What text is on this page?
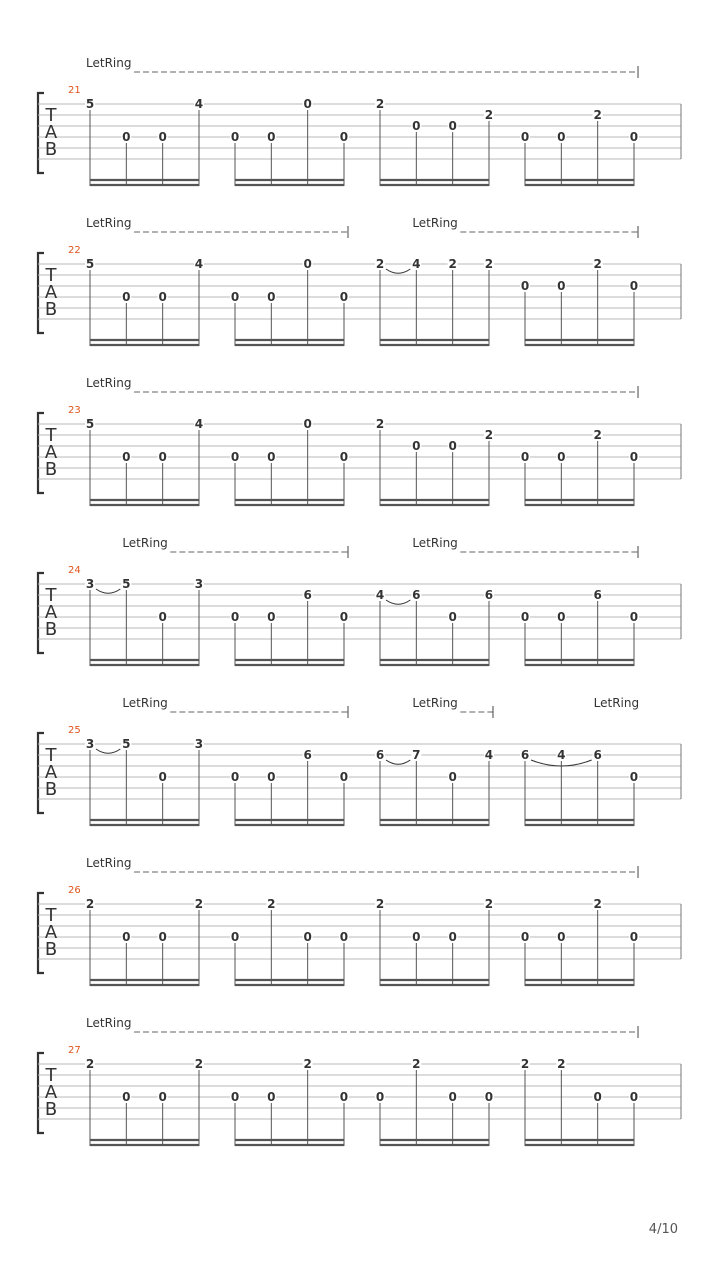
T
A
B
21
LetRing
5
0 0
4
0 0
0
0
2
0 0
2
0 0
2
0
T
A
B
22
LetRing	LetRing
5
0 0
4
0 0
0
0
2 4 2 2
0 0
2
0
T
A
B
23
LetRing
5
0 0
4
0 0
0
0
2
0 0
2
0 0
2
0
T
A
B
24
LetRing	LetRing
3 5
0
3
0 0
6
0
4 6
0
6
0 0
6
0
T
A
B
25
LetRing	LetRing	LetRing
3 5
0
3
0 0
6
0
6 7
0
4 6 4 6
0
T
A
B
26
LetRing
2
0 0
2
0
2
0 0
2
0 0
2
0 0
2
0
T
A
B
27
LetRing
2
0 0
2
0 0
2
0 0
2
0 0
2 2
0 0
4/10
